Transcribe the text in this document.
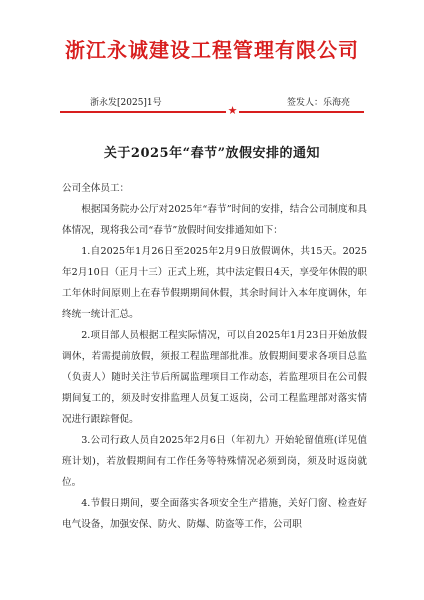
浙江永诚建设工程管理有限公司
浙永发[2025]1号	签发人：乐海亮
★
关于2025年“春节”放假安排的通知

公司全体员工：

根据国务院办公厅对2025年“春节”时间的安排，结合公司制度和具体情况，现将我公司“春节”放假时间安排通知如下：

1.自2025年1月26日至2025年2月9日放假调休，共15天。2025年2月10日（正月十三）正式上班，其中法定假日4天，享受年休假的职工年休时间原则上在春节假期期间休假，其余时间计入本年度调休，年终统一统计汇总。

2.项目部人员根据工程实际情况，可以自2025年1月23日开始放假调休，若需提前放假，须报工程监理部批准。放假期间要求各项目总监（负责人）随时关注节后所属监理项目工作动态，若监理项目在公司假期间复工的，须及时安排监理人员复工返岗，公司工程监理部对落实情况进行跟踪督促。

3.公司行政人员自2025年2月6日（年初九）开始轮留值班(详见值班计划)，若放假期间有工作任务等特殊情况必须到岗，须及时返岗就位。

4.节假日期间，要全面落实各项安全生产措施，关好门窗、检查好电气设备，加强安保、防火、防爆、防盗等工作，公司职
